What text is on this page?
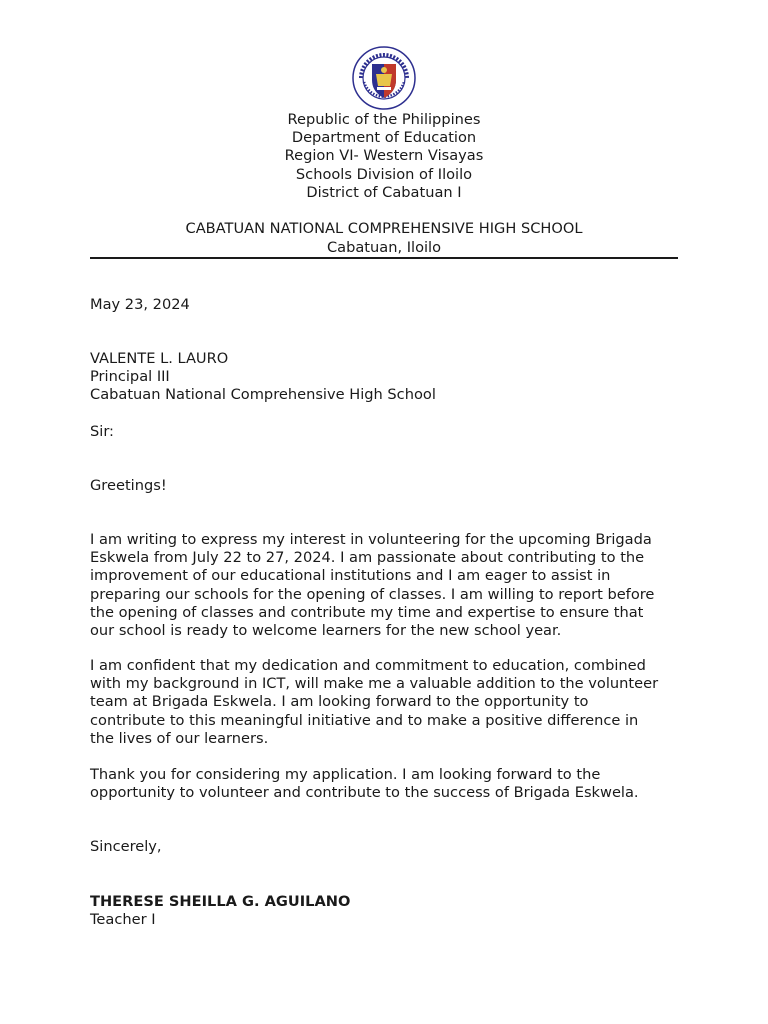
Republic of the Philippines
Department of Education
Region VI- Western Visayas
Schools Division of Iloilo
District of Cabatuan I
CABATUAN NATIONAL COMPREHENSIVE HIGH SCHOOL
Cabatuan, Iloilo
May 23, 2024
VALENTE L. LAURO
Principal III
Cabatuan National Comprehensive High School
Sir:
Greetings!
I am writing to express my interest in volunteering for the upcoming Brigada
Eskwela from July 22 to 27, 2024. I am passionate about contributing to the
improvement of our educational institutions and I am eager to assist in
preparing our schools for the opening of classes. I am willing to report before
the opening of classes and contribute my time and expertise to ensure that
our school is ready to welcome learners for the new school year.
I am confident that my dedication and commitment to education, combined
with my background in ICT, will make me a valuable addition to the volunteer
team at Brigada Eskwela. I am looking forward to the opportunity to
contribute to this meaningful initiative and to make a positive difference in
the lives of our learners.
Thank you for considering my application. I am looking forward to the
opportunity to volunteer and contribute to the success of Brigada Eskwela.
Sincerely,
THERESE SHEILLA G. AGUILANO
Teacher I
